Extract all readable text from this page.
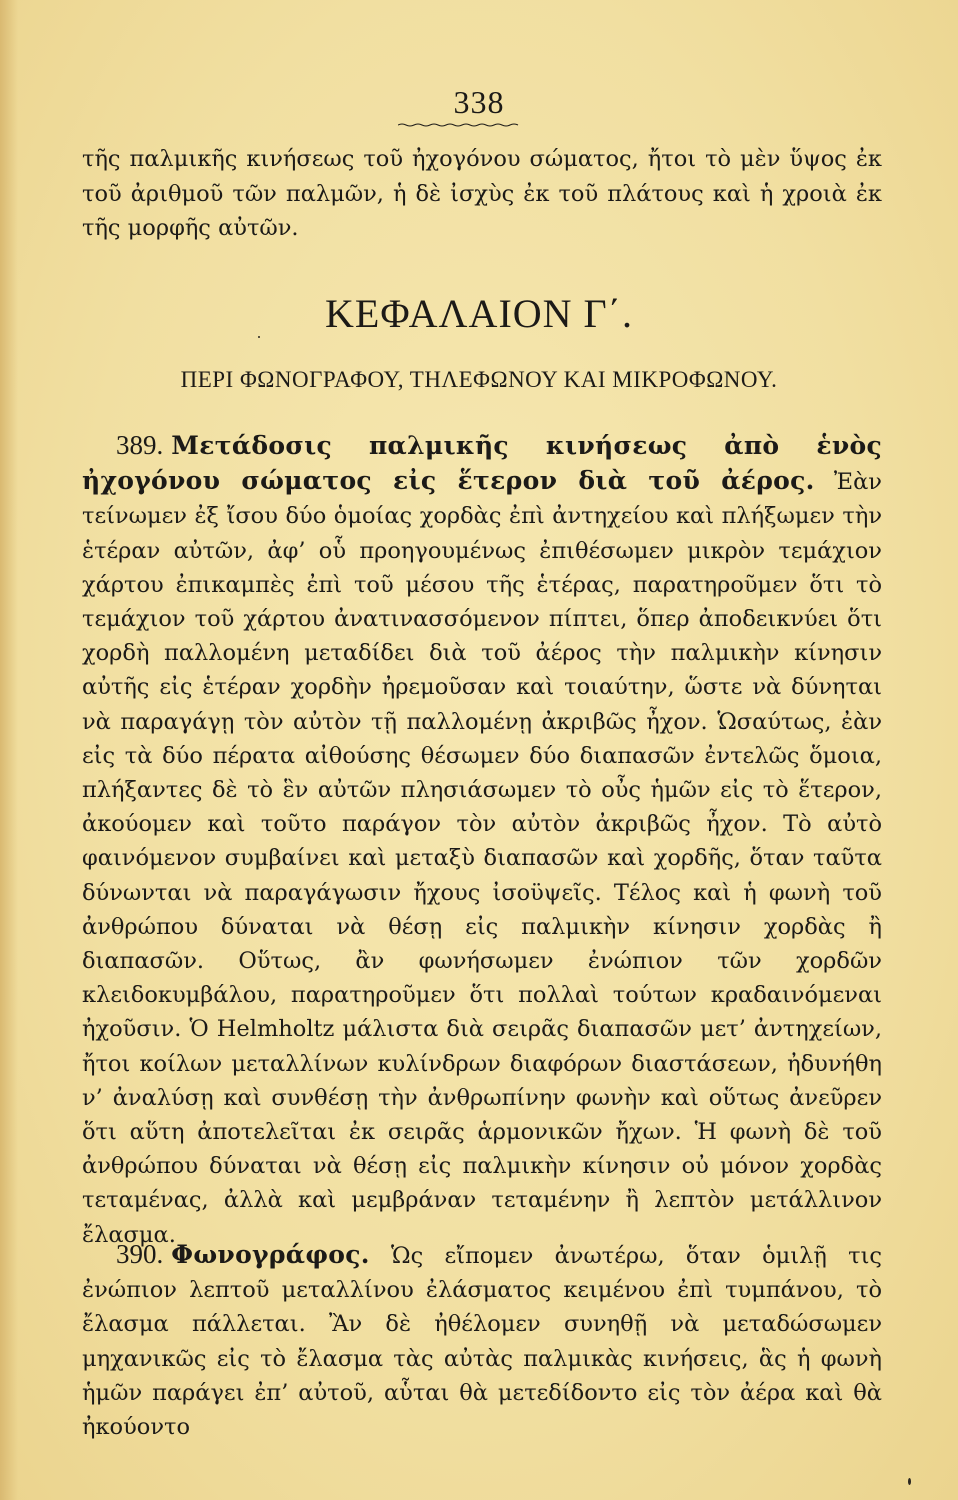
338
τῆς παλμικῆς κινήσεως τοῦ ἠχογόνου σώματος, ἤτοι τὸ μὲν ὕψος ἐκ
τοῦ ἀριθμοῦ τῶν παλμῶν, ἡ δὲ ἰσχὺς ἐκ τοῦ πλάτους καὶ ἡ χροιὰ ἐκ
τῆς μορφῆς αὐτῶν.
ΚΕΦΑΛΑΙΟΝ Γ΄.
ΠΕΡΙ ΦΩΝΟΓΡΑΦΟΥ, ΤΗΛΕΦΩΝΟΥ ΚΑΙ ΜΙΚΡΟΦΩΝΟΥ.
389. Μετάδοσις παλμικῆς κινήσεως ἀπὸ ἑνὸς ἠχογόνου σώματος εἰς ἕτερον διὰ τοῦ ἀέρος. Ἐὰν τείνωμεν ἐξ ἴσου δύο ὁμοίας χορδὰς ἐπὶ ἀντηχείου καὶ πλήξωμεν τὴν ἑτέραν αὐτῶν, ἀφ’ οὗ προηγουμένως ἐπιθέσωμεν μικρὸν τεμάχιον χάρτου ἐπικαμπὲς ἐπὶ τοῦ μέσου τῆς ἑτέρας, παρατηροῦμεν ὅτι τὸ τεμάχιον τοῦ χάρτου ἀνατινασσόμενον πίπτει, ὅπερ ἀποδεικνύει ὅτι χορδὴ παλλομένη μεταδίδει διὰ τοῦ ἀέρος τὴν παλμικὴν κίνησιν αὐτῆς εἰς ἑτέραν χορδὴν ἠρεμοῦσαν καὶ τοιαύτην, ὥστε νὰ δύνηται νὰ παραγάγῃ τὸν αὐτὸν τῇ παλλομένῃ ἀκριβῶς ἦχον. Ὡσαύτως, ἐὰν εἰς τὰ δύο πέρατα αἰθούσης θέσωμεν δύο διαπασῶν ἐντελῶς ὅμοια, πλήξαντες δὲ τὸ ἓν αὐτῶν πλησιάσωμεν τὸ οὖς ἡμῶν εἰς τὸ ἕτερον, ἀκούομεν καὶ τοῦτο παράγον τὸν αὐτὸν ἀκριβῶς ἦχον. Τὸ αὐτὸ φαινόμενον συμβαίνει καὶ μεταξὺ διαπασῶν καὶ χορδῆς, ὅταν ταῦτα δύνωνται νὰ παραγάγωσιν ἤχους ἰσοϋψεῖς. Τέλος καὶ ἡ φωνὴ τοῦ ἀνθρώπου δύναται νὰ θέσῃ εἰς παλμικὴν κίνησιν χορδὰς ἢ διαπασῶν. Οὕτως, ἂν φωνήσωμεν ἐνώπιον τῶν χορδῶν κλειδοκυμβάλου, παρατηροῦμεν ὅτι πολλαὶ τούτων κραδαινόμεναι ἠχοῦσιν. Ὁ Helmholtz μάλιστα διὰ σειρᾶς διαπασῶν μετ’ ἀντηχείων, ἤτοι κοίλων μεταλλίνων κυλίνδρων διαφόρων διαστάσεων, ἠδυνήθη ν’ ἀναλύσῃ καὶ συνθέσῃ τὴν ἀνθρωπίνην φωνὴν καὶ οὕτως ἀνεῦρεν ὅτι αὕτη ἀποτελεῖται ἐκ σειρᾶς ἁρμονικῶν ἤχων. Ἡ φωνὴ δὲ τοῦ ἀνθρώπου δύναται νὰ θέσῃ εἰς παλμικὴν κίνησιν οὐ μόνον χορδὰς τεταμένας, ἀλλὰ καὶ μεμβράναν τεταμένην ἢ λεπτὸν μετάλλινον ἔλασμα.
390. Φωνογράφος. Ὡς εἴπομεν ἀνωτέρω, ὅταν ὁμιλῇ τις ἐνώπιον λεπτοῦ μεταλλίνου ἐλάσματος κειμένου ἐπὶ τυμπάνου, τὸ ἔλασμα πάλλεται. Ἂν δὲ ἠθέλομεν συνηθῇ νὰ μεταδώσωμεν μηχανικῶς εἰς τὸ ἔλασμα τὰς αὐτὰς παλμικὰς κινήσεις, ἃς ἡ φωνὴ ἡμῶν παράγει ἐπ’ αὐτοῦ, αὗται θὰ μετεδίδοντο εἰς τὸν ἀέρα καὶ θὰ ἠκούοντο
